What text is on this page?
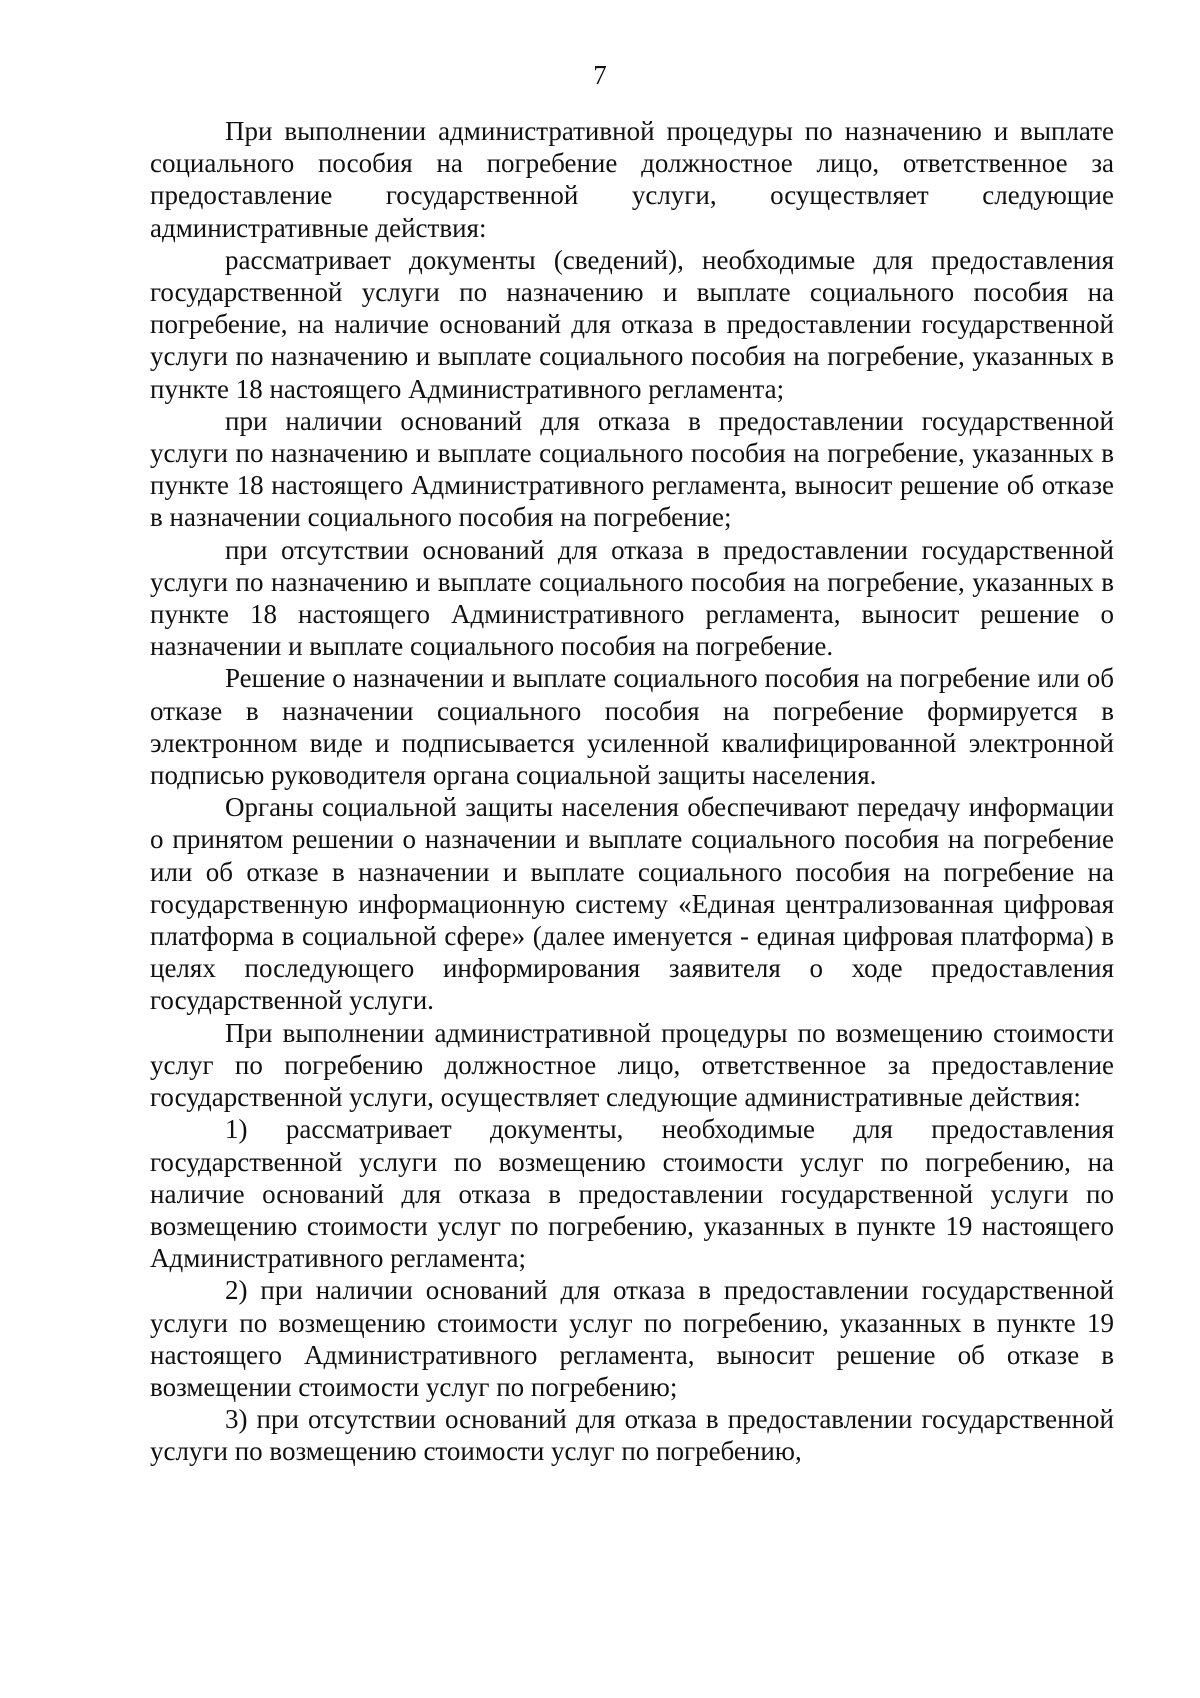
7

При выполнении административной процедуры по назначению и выплате социального пособия на погребение должностное лицо, ответственное за предоставление государственной услуги, осуществляет следующие административные действия:

рассматривает документы (сведений), необходимые для предоставления государственной услуги по назначению и выплате социального пособия на погребение, на наличие оснований для отказа в предоставлении государственной услуги по назначению и выплате социального пособия на погребение, указанных в пункте 18 настоящего Административного регламента;

при наличии оснований для отказа в предоставлении государственной услуги по назначению и выплате социального пособия на погребение, указанных в пункте 18 настоящего Административного регламента, выносит решение об отказе в назначении социального пособия на погребение;

при отсутствии оснований для отказа в предоставлении государственной услуги по назначению и выплате социального пособия на погребение, указанных в пункте 18 настоящего Административного регламента, выносит решение о назначении и выплате социального пособия на погребение.

Решение о назначении и выплате социального пособия на погребение или об отказе в назначении социального пособия на погребение формируется в электронном виде и подписывается усиленной квалифицированной электронной подписью руководителя органа социальной защиты населения.

Органы социальной защиты населения обеспечивают передачу информации о принятом решении о назначении и выплате социального пособия на погребение или об отказе в назначении и выплате социального пособия на погребение на государственную информационную систему «Единая централизованная цифровая платформа в социальной сфере» (далее именуется - единая цифровая платформа) в целях последующего информирования заявителя о ходе предоставления государственной услуги.

При выполнении административной процедуры по возмещению стоимости услуг по погребению должностное лицо, ответственное за предоставление государственной услуги, осуществляет следующие административные действия:

1) рассматривает документы, необходимые для предоставления государственной услуги по возмещению стоимости услуг по погребению, на наличие оснований для отказа в предоставлении государственной услуги по возмещению стоимости услуг по погребению, указанных в пункте 19 настоящего Административного регламента;

2) при наличии оснований для отказа в предоставлении государственной услуги по возмещению стоимости услуг по погребению, указанных в пункте 19 настоящего Административного регламента, выносит решение об отказе в возмещении стоимости услуг по погребению;

3) при отсутствии оснований для отказа в предоставлении государственной услуги по возмещению стоимости услуг по погребению,
